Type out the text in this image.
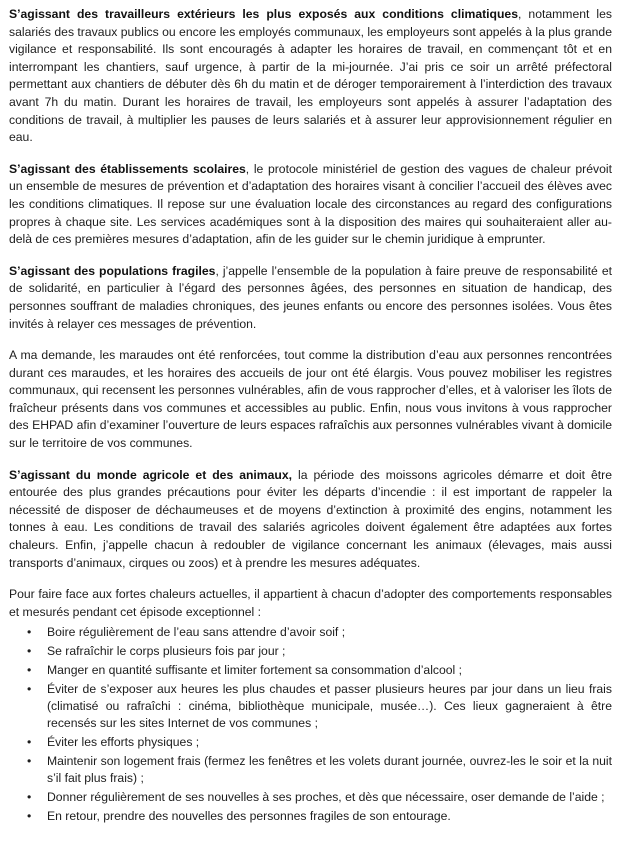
S’agissant des travailleurs extérieurs les plus exposés aux conditions climatiques, notamment les salariés des travaux publics ou encore les employés communaux, les employeurs sont appelés à la plus grande vigilance et responsabilité. Ils sont encouragés à adapter les horaires de travail, en commençant tôt et en interrompant les chantiers, sauf urgence, à partir de la mi-journée. J’ai pris ce soir un arrêté préfectoral permettant aux chantiers de débuter dès 6h du matin et de déroger temporairement à l’interdiction des travaux avant 7h du matin. Durant les horaires de travail, les employeurs sont appelés à assurer l’adaptation des conditions de travail, à multiplier les pauses de leurs salariés et à assurer leur approvisionnement régulier en eau.

S’agissant des établissements scolaires, le protocole ministériel de gestion des vagues de chaleur prévoit un ensemble de mesures de prévention et d’adaptation des horaires visant à concilier l’accueil des élèves avec les conditions climatiques. Il repose sur une évaluation locale des circonstances au regard des configurations propres à chaque site. Les services académiques sont à la disposition des maires qui souhaiteraient aller au-delà de ces premières mesures d’adaptation, afin de les guider sur le chemin juridique à emprunter.

S’agissant des populations fragiles, j’appelle l’ensemble de la population à faire preuve de responsabilité et de solidarité, en particulier à l’égard des personnes âgées, des personnes en situation de handicap, des personnes souffrant de maladies chroniques, des jeunes enfants ou encore des personnes isolées. Vous êtes invités à relayer ces messages de prévention.

A ma demande, les maraudes ont été renforcées, tout comme la distribution d’eau aux personnes rencontrées durant ces maraudes, et les horaires des accueils de jour ont été élargis. Vous pouvez mobiliser les registres communaux, qui recensent les personnes vulnérables, afin de vous rapprocher d’elles, et à valoriser les îlots de fraîcheur présents dans vos communes et accessibles au public. Enfin, nous vous invitons à vous rapprocher des EHPAD afin d’examiner l’ouverture de leurs espaces rafraîchis aux personnes vulnérables vivant à domicile sur le territoire de vos communes.

S’agissant du monde agricole et des animaux, la période des moissons agricoles démarre et doit être entourée des plus grandes précautions pour éviter les départs d’incendie : il est important de rappeler la nécessité de disposer de déchaumeuses et de moyens d’extinction à proximité des engins, notamment les tonnes à eau. Les conditions de travail des salariés agricoles doivent également être adaptées aux fortes chaleurs. Enfin, j’appelle chacun à redoubler de vigilance concernant les animaux (élevages, mais aussi transports d’animaux, cirques ou zoos) et à prendre les mesures adéquates.

Pour faire face aux fortes chaleurs actuelles, il appartient à chacun d’adopter des comportements responsables et mesurés pendant cet épisode exceptionnel :

• Boire régulièrement de l’eau sans attendre d’avoir soif ;
• Se rafraîchir le corps plusieurs fois par jour ;
• Manger en quantité suffisante et limiter fortement sa consommation d’alcool ;
• Éviter de s’exposer aux heures les plus chaudes et passer plusieurs heures par jour dans un lieu frais (climatisé ou rafraîchi : cinéma, bibliothèque municipale, musée…). Ces lieux gagneraient à être recensés sur les sites Internet de vos communes ;
• Éviter les efforts physiques ;
• Maintenir son logement frais (fermez les fenêtres et les volets durant journée, ouvrez-les le soir et la nuit s’il fait plus frais) ;
• Donner régulièrement de ses nouvelles à ses proches, et dès que nécessaire, oser demande de l’aide ;
• En retour, prendre des nouvelles des personnes fragiles de son entourage.
